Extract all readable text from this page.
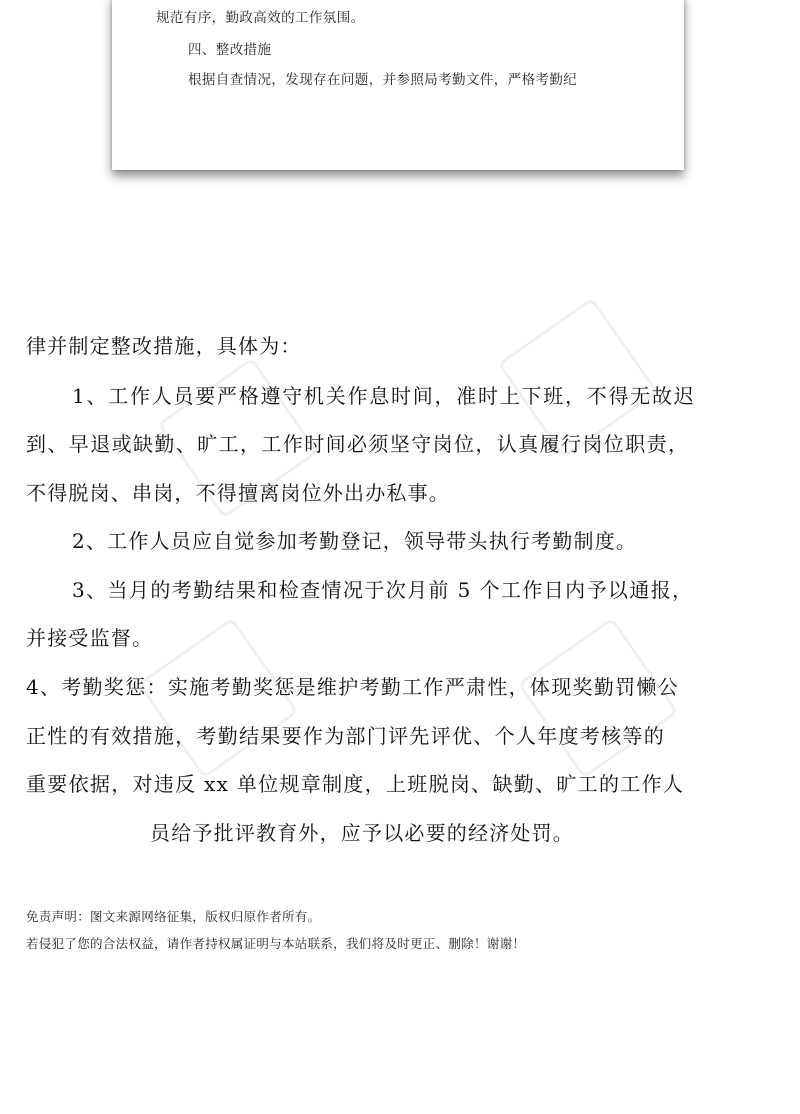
规范有序，勤政高效的工作氛围。
四、整改措施
根据自查情况，发现存在问题，并参照局考勤文件，严格考勤纪
律并制定整改措施，具体为：
1、工作人员要严格遵守机关作息时间，准时上下班，不得无故迟
到、早退或缺勤、旷工，工作时间必须坚守岗位，认真履行岗位职责，
不得脱岗、串岗，不得擅离岗位外出办私事。
2、工作人员应自觉参加考勤登记，领导带头执行考勤制度。
3、当月的考勤结果和检查情况于次月前 5 个工作日内予以通报，
并接受监督。
4、考勤奖惩：实施考勤奖惩是维护考勤工作严肃性，体现奖勤罚懒公
正性的有效措施，考勤结果要作为部门评先评优、个人年度考核等的
重要依据，对违反 xx 单位规章制度，上班脱岗、缺勤、旷工的工作人
员给予批评教育外，应予以必要的经济处罚。
免责声明：图文来源网络征集，版权归原作者所有。
若侵犯了您的合法权益，请作者持权属证明与本站联系，我们将及时更正、删除！谢谢！
